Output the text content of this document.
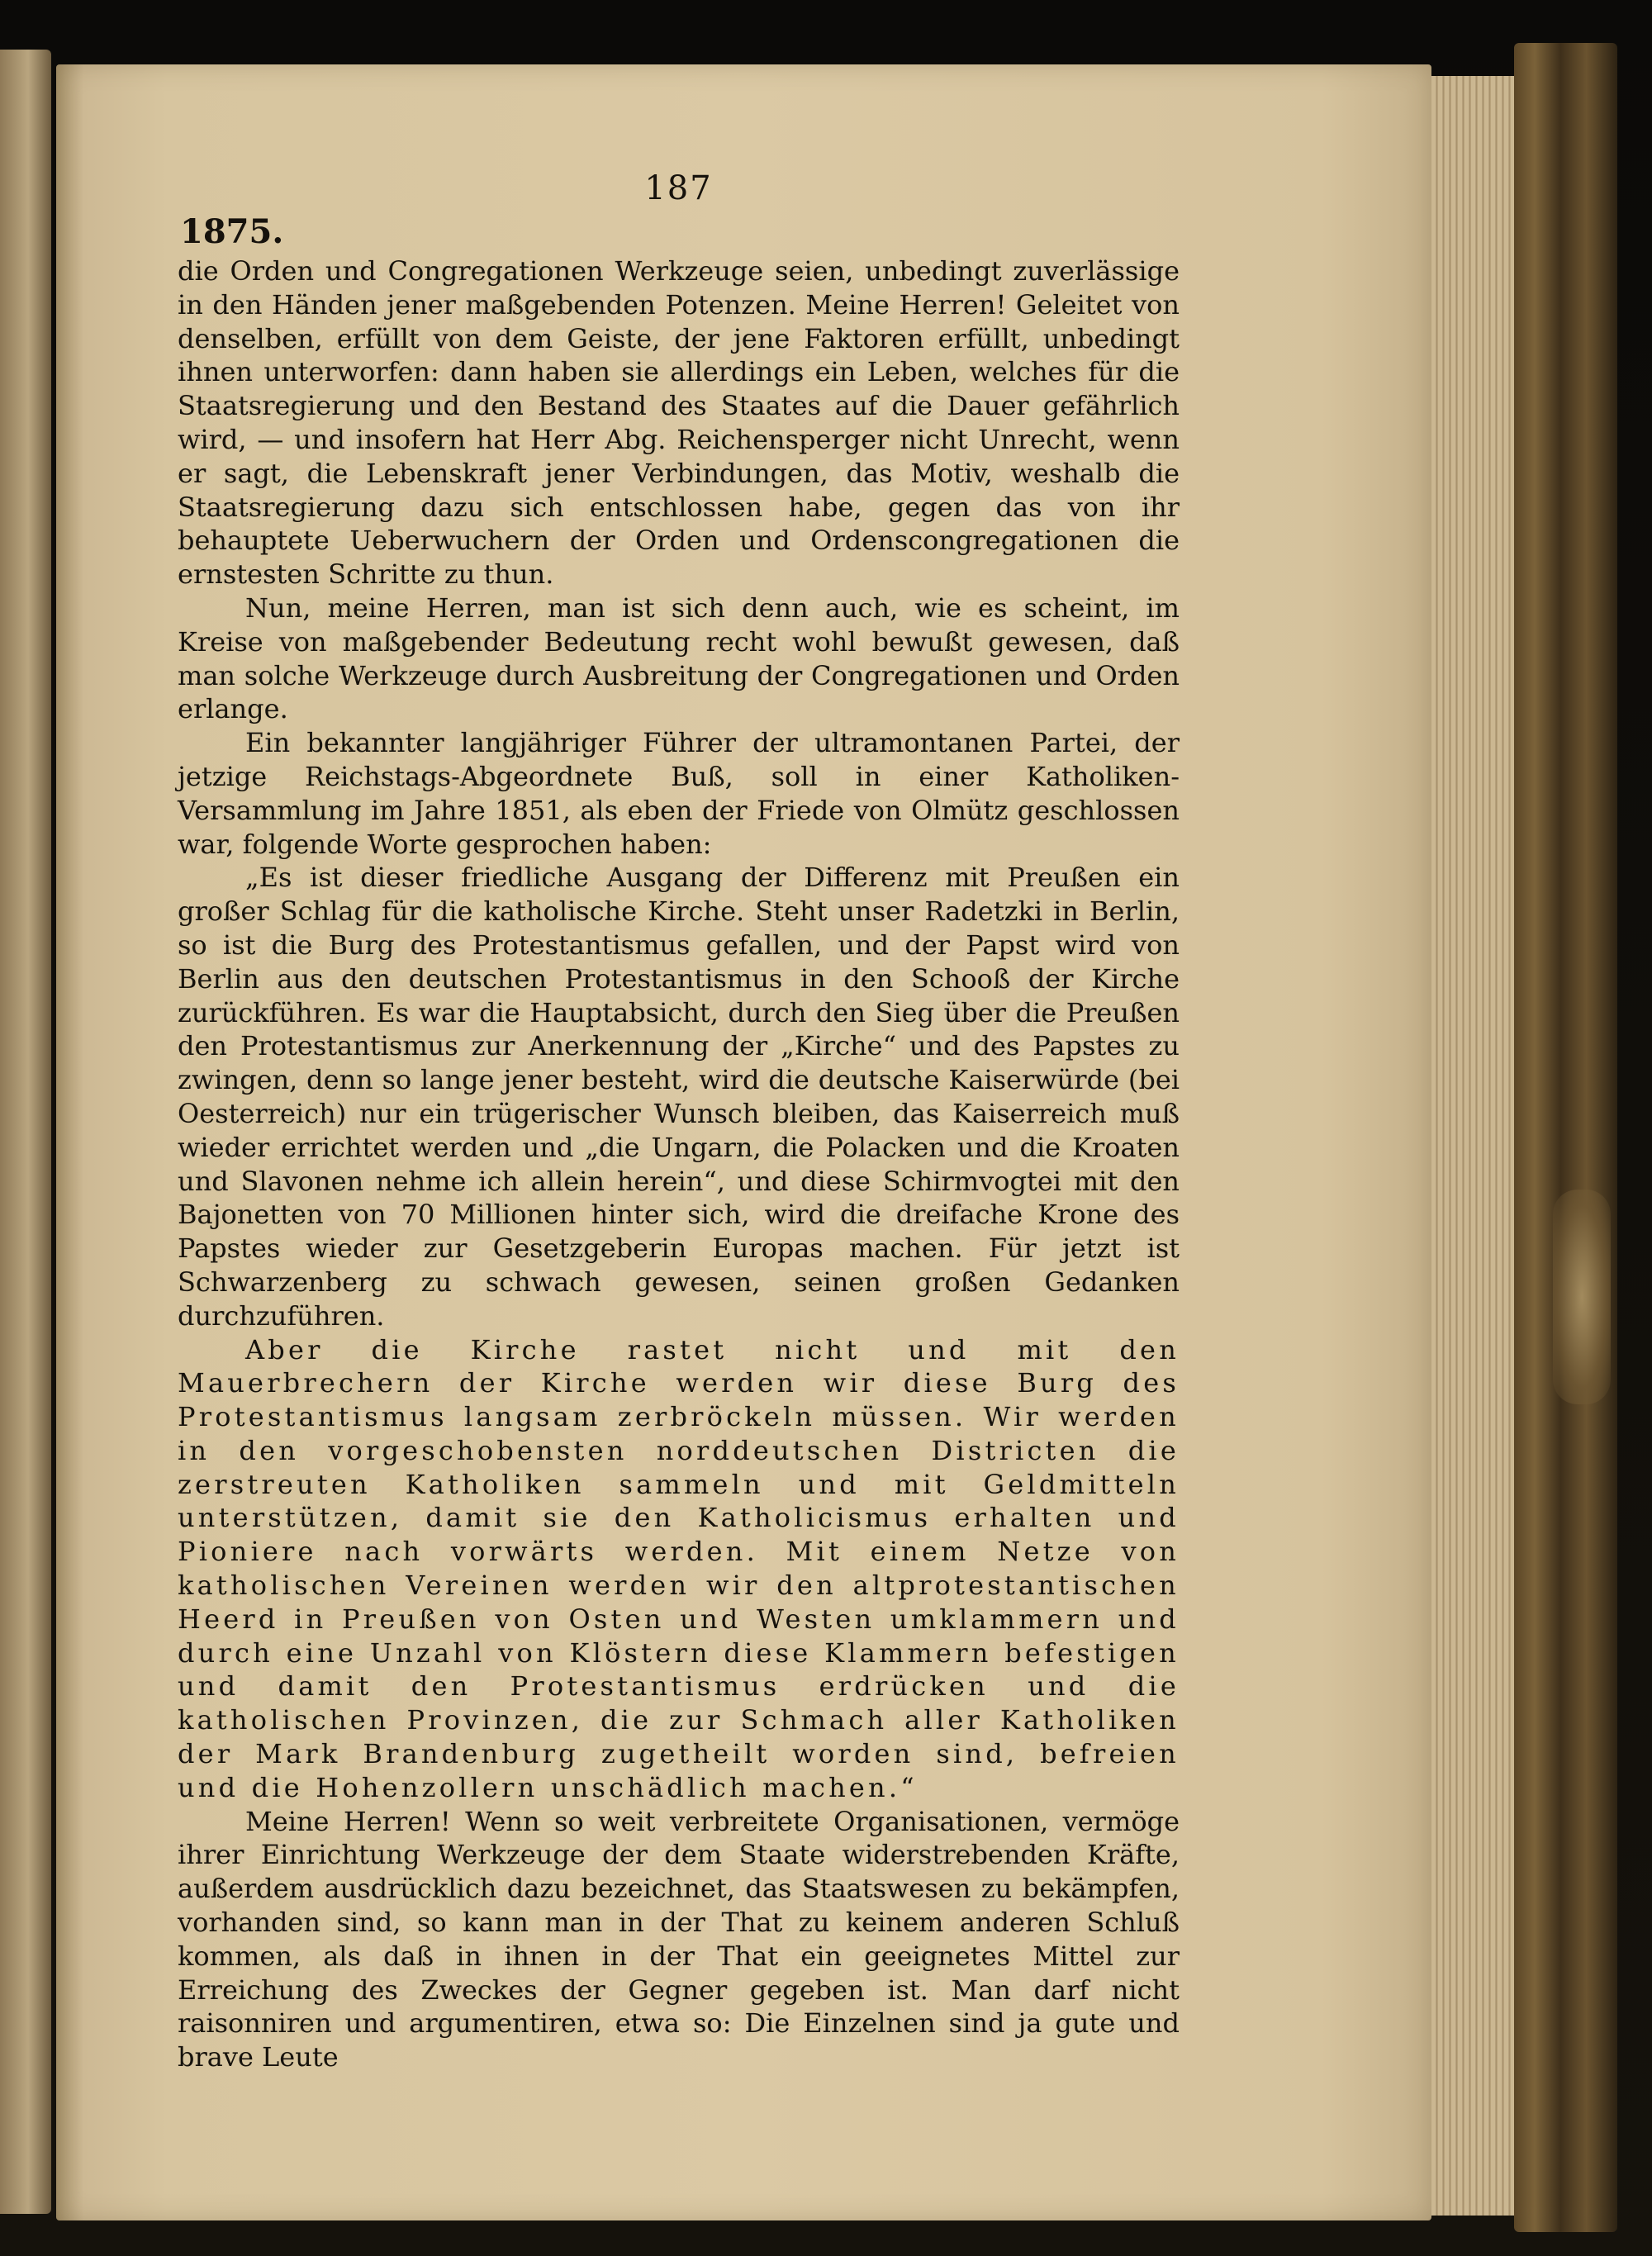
187
1875.

die Orden und Congregationen Werkzeuge seien, unbedingt zuverlässige in den Händen jener maßgebenden Potenzen. Meine Herren! Geleitet von denselben, erfüllt von dem Geiste, der jene Faktoren erfüllt, unbedingt ihnen unterworfen: dann haben sie allerdings ein Leben, welches für die Staatsregierung und den Bestand des Staates auf die Dauer gefährlich wird, — und insofern hat Herr Abg. Reichensperger nicht Unrecht, wenn er sagt, die Lebenskraft jener Verbindungen, das Motiv, weshalb die Staatsregierung dazu sich entschlossen habe, gegen das von ihr behauptete Ueberwuchern der Orden und Ordenscongregationen die ernstesten Schritte zu thun.

Nun, meine Herren, man ist sich denn auch, wie es scheint, im Kreise von maßgebender Bedeutung recht wohl bewußt gewesen, daß man solche Werkzeuge durch Ausbreitung der Congregationen und Orden erlange.

Ein bekannter langjähriger Führer der ultramontanen Partei, der jetzige Reichstags-Abgeordnete Buß, soll in einer Katholiken-Versammlung im Jahre 1851, als eben der Friede von Olmütz geschlossen war, folgende Worte gesprochen haben:

„Es ist dieser friedliche Ausgang der Differenz mit Preußen ein großer Schlag für die katholische Kirche. Steht unser Radetzki in Berlin, so ist die Burg des Protestantismus gefallen, und der Papst wird von Berlin aus den deutschen Protestantismus in den Schooß der Kirche zurückführen. Es war die Hauptabsicht, durch den Sieg über die Preußen den Protestantismus zur Anerkennung der „Kirche“ und des Papstes zu zwingen, denn so lange jener besteht, wird die deutsche Kaiserwürde (bei Oesterreich) nur ein trügerischer Wunsch bleiben, das Kaiserreich muß wieder errichtet werden und „die Ungarn, die Polacken und die Kroaten und Slavonen nehme ich allein herein“, und diese Schirmvogtei mit den Bajonetten von 70 Millionen hinter sich, wird die dreifache Krone des Papstes wieder zur Gesetzgeberin Europas machen. Für jetzt ist Schwarzenberg zu schwach gewesen, seinen großen Gedanken durchzuführen.

Aber die Kirche rastet nicht und mit den Mauerbrechern der Kirche werden wir diese Burg des Protestantismus langsam zerbröckeln müssen. Wir werden in den vorgeschobensten norddeutschen Districten die zerstreuten Katholiken sammeln und mit Geldmitteln unterstützen, damit sie den Katholicismus erhalten und Pioniere nach vorwärts werden. Mit einem Netze von katholischen Vereinen werden wir den altprotestantischen Heerd in Preußen von Osten und Westen umklammern und durch eine Unzahl von Klöstern diese Klammern befestigen und damit den Protestantismus erdrücken und die katholischen Provinzen, die zur Schmach aller Katholiken der Mark Brandenburg zugetheilt worden sind, befreien und die Hohenzollern unschädlich machen.“

Meine Herren! Wenn so weit verbreitete Organisationen, vermöge ihrer Einrichtung Werkzeuge der dem Staate widerstrebenden Kräfte, außerdem ausdrücklich dazu bezeichnet, das Staatswesen zu bekämpfen, vorhanden sind, so kann man in der That zu keinem anderen Schluß kommen, als daß in ihnen in der That ein geeignetes Mittel zur Erreichung des Zweckes der Gegner gegeben ist. Man darf nicht raisonniren und argumentiren, etwa so: Die Einzelnen sind ja gute und brave Leute
